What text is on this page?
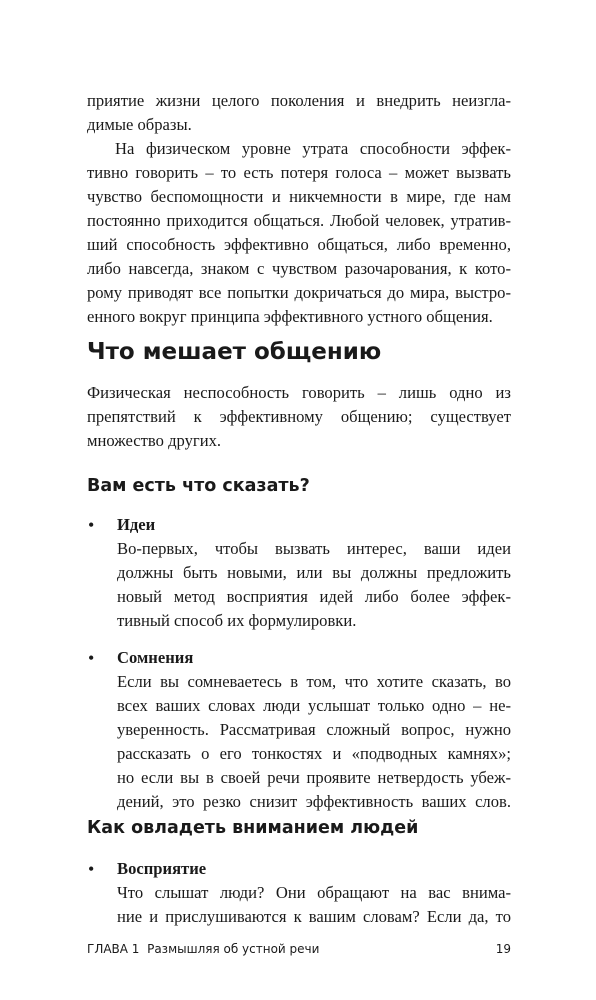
приятие жизни целого поколения и внедрить неизгла-
димые образы.
На физическом уровне утрата способности эффек-
тивно говорить – то есть потеря голоса – может вызвать
чувство беспомощности и никчемности в мире, где нам
постоянно приходится общаться. Любой человек, утратив-
ший способность эффективно общаться, либо временно,
либо навсегда, знаком с чувством разочарования, к кото-
рому приводят все попытки докричаться до мира, выстро-
енного вокруг принципа эффективного устного общения.
Что мешает общению
Физическая неспособность говорить – лишь одно из
препятствий к эффективному общению; существует
множество других.
Вам есть что сказать?
• Идеи
Во-первых, чтобы вызвать интерес, ваши идеи
должны быть новыми, или вы должны предложить
новый метод восприятия идей либо более эффек-
тивный способ их формулировки.
• Сомнения
Если вы сомневаетесь в том, что хотите сказать, во
всех ваших словах люди услышат только одно – не-
уверенность. Рассматривая сложный вопрос, нужно
рассказать о его тонкостях и «подводных камнях»;
но если вы в своей речи проявите нетвердость убеж-
дений, это резко снизит эффективность ваших слов.
Как овладеть вниманием людей
• Восприятие
Что слышат люди? Они обращают на вас внима-
ние и прислушиваются к вашим словам? Если да, то
ГЛАВА 1 Размышляя об устной речи	19
